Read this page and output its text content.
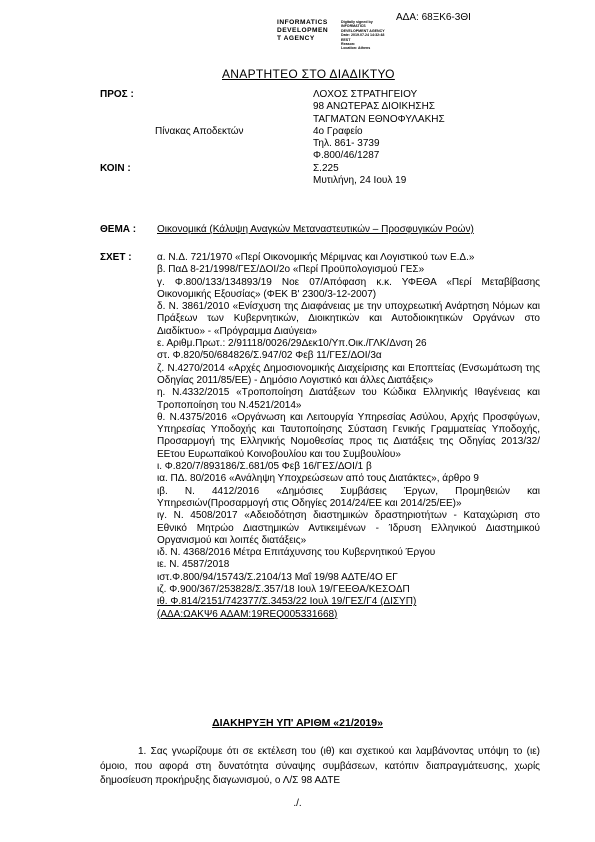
ΑΔΑ: 68ΞΚ6-3ΘΙ
INFORMATICS
DEVELOPMEN
T AGENCY
Digitally signed by
INFORMATICS
DEVELOPMENT AGENCY
Date: 2019.07.24 14:32:48
EEST
Reason:
Location: Athens
ΑΝΑΡΤΗΤΕΟ ΣΤΟ ΔΙΑΔΙΚΤΥΟ
ΠΡΟΣ :
Πίνακας Αποδεκτών
ΚΟΙΝ :
ΛΟΧΟΣ ΣΤΡΑΤΗΓΕΙΟΥ
98 ΑΝΩΤΕΡΑΣ ΔΙΟΙΚΗΣΗΣ
ΤΑΓΜΑΤΩΝ ΕΘΝΟΦΥΛΑΚΗΣ
4ο Γραφείο
Τηλ. 861- 3739
Φ.800/46/1287
Σ.225
Μυτιλήνη, 24 Ιουλ 19
ΘΕΜΑ : Οικονομικά (Κάλυψη Αναγκών Μεταναστευτικών – Προσφυγικών Ροών)
ΣΧΕΤ :	α. Ν.Δ. 721/1970 «Περί Οικονομικής Μέριμνας και Λογιστικού των Ε.Δ.»
β. ΠαΔ 8-21/1998/ΓΕΣ/ΔΟΙ/2ο «Περί Προϋπολογισμού ΓΕΣ»
γ. Φ.800/133/134893/19 Νοε 07/Απόφαση κ.κ. ΥΦΕΘΑ «Περί Μεταβίβασης Οικονομικής Εξουσίας» (ΦΕΚ Β' 2300/3-12-2007)
δ. Ν. 3861/2010 «Ενίσχυση της Διαφάνειας με την υποχρεωτική Ανάρτηση Νόμων και Πράξεων των Κυβερνητικών, Διοικητικών και Αυτοδιοικητικών Οργάνων στο Διαδίκτυο» - «Πρόγραμμα Διαύγεια»
ε. Αριθμ.Πρωτ.: 2/91118/0026/29Δεκ10/Υπ.Οικ./ΓΛΚ/Δνση 26
στ. Φ.820/50/684826/Σ.947/02 Φεβ 11/ΓΕΣ/ΔΟΙ/3α
ζ. Ν.4270/2014 «Αρχές Δημοσιονομικής Διαχείρισης και Εποπτείας (Ενσωμάτωση της Οδηγίας 2011/85/ΕΕ) - Δημόσιο Λογιστικό και άλλες Διατάξεις»
η. Ν.4332/2015 «Τροποποίηση Διατάξεων του Κώδικα Ελληνικής Ιθαγένειας και Τροποποίηση του Ν.4521/2014»
θ. Ν.4375/2016 «Οργάνωση και Λειτουργία Υπηρεσίας Ασύλου, Αρχής Προσφύγων, Υπηρεσίας Υποδοχής και Ταυτοποίησης Σύσταση Γενικής Γραμματείας Υποδοχής, Προσαρμογή της Ελληνικής Νομοθεσίας προς τις Διατάξεις της Οδηγίας 2013/32/ΕΕτου Ευρωπαϊκού Κοινοβουλίου και του Συμβουλίου»
ι. Φ.820/7/893186/Σ.681/05 Φεβ 16/ΓΕΣ/ΔΟΙ/1 β
ια. ΠΔ. 80/2016 «Ανάληψη Υποχρεώσεων από τους Διατάκτες», άρθρο 9
ιβ. Ν. 4412/2016 «Δημόσιες Συμβάσεις Έργων, Προμηθειών και Υπηρεσιών(Προσαρμογή στις Οδηγίες 2014/24/ΕΕ και 2014/25/ΕΕ)»
ιγ. Ν. 4508/2017 «Αδειοδότηση διαστημικών δραστηριοτήτων - Καταχώριση στο Εθνικό Μητρώο Διαστημικών Αντικειμένων - Ίδρυση Ελληνικού Διαστημικού Οργανισμού και λοιπές διατάξεις»
ιδ. Ν. 4368/2016 Μέτρα Επιτάχυνσης του Κυβερνητικού Έργου
ιε. Ν. 4587/2018
ιστ.Φ.800/94/15743/Σ.2104/13 Μαΐ 19/98 ΑΔΤΕ/4Ο ΕΓ
ιζ. Φ.900/367/253828/Σ.357/18 Ιουλ 19/ΓΕΕΘΑ/ΚΕΣΟΔΠ
ιθ. Φ.814/2151/742377/Σ.3453/22 Ιουλ 19/ΓΕΣ/Γ4 (ΔΙΣΥΠ)
(ΑΔΑ:ΩΑΚΨ6 ΑΔΑΜ:19REQ005331668)
ΔΙΑΚΗΡΥΞΗ ΥΠ' ΑΡΙΘΜ «21/2019»
1. Σας γνωρίζουμε ότι σε εκτέλεση του (ιθ) και σχετικού και λαμβάνοντας υπόψη το (ιε) όμοιο, που αφορά στη δυνατότητα σύναψης συμβάσεων, κατόπιν διαπραγμάτευσης, χωρίς δημοσίευση προκήρυξης διαγωνισμού, ο Λ/Σ 98 ΑΔΤΕ
./.
